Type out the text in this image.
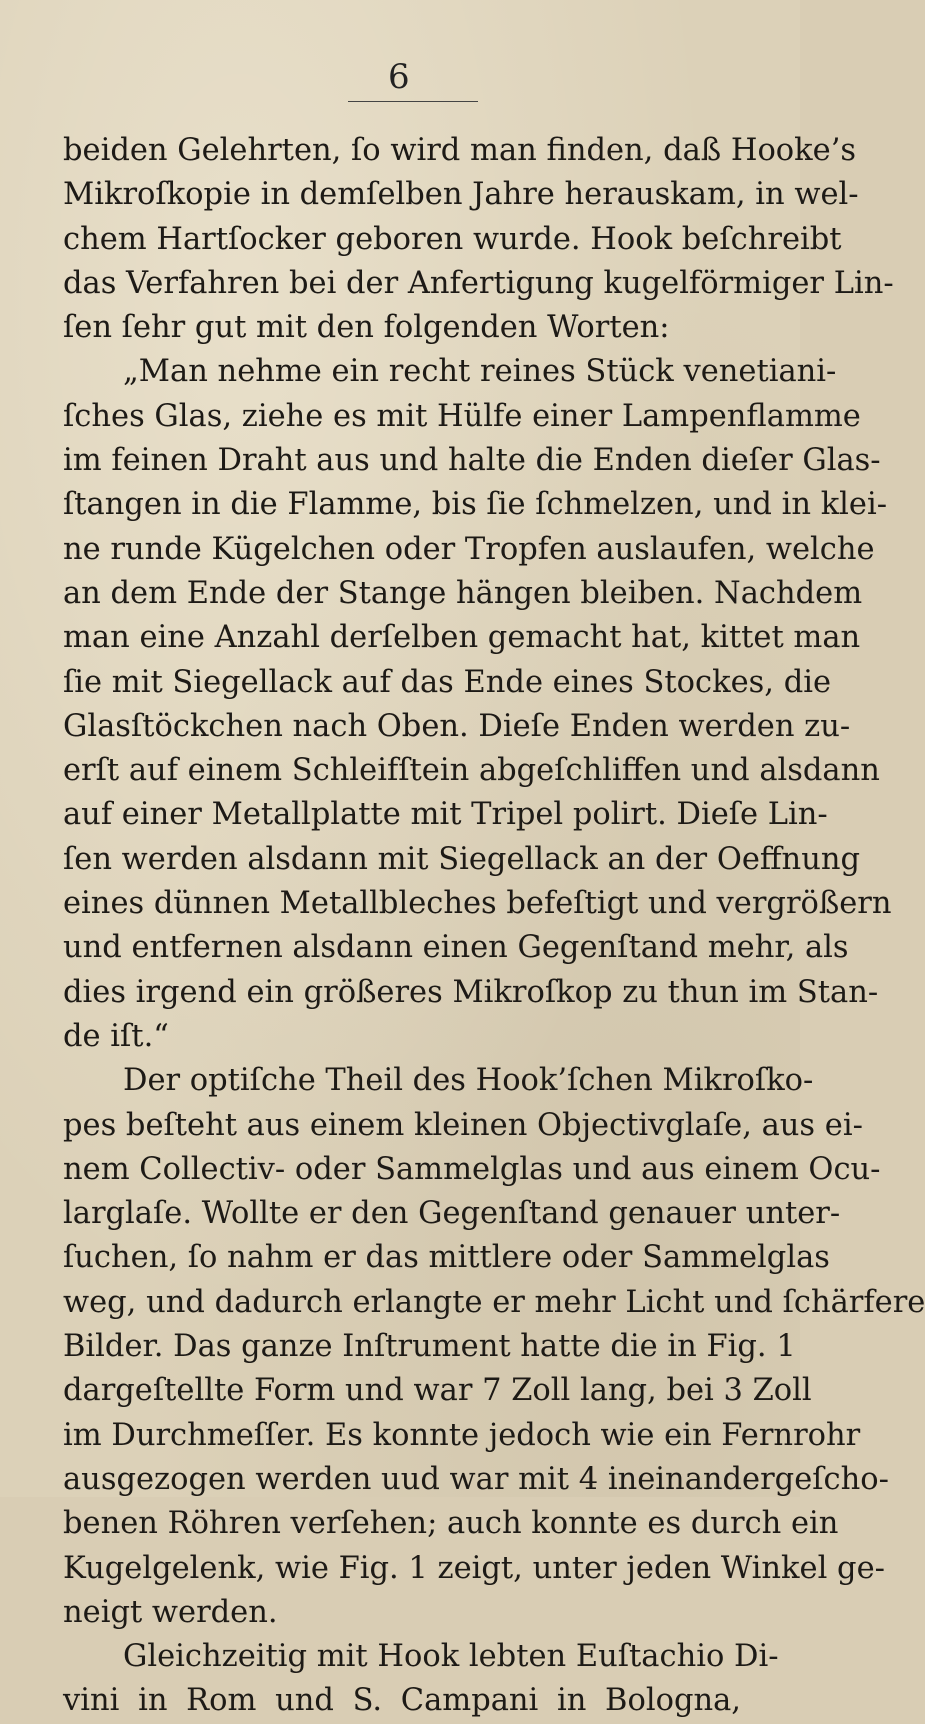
6
beiden Gelehrten, ſo wird man finden, daß Hooke’s
Mikroſkopie in demſelben Jahre herauskam, in wel-
chem Hartſocker geboren wurde. Hook beſchreibt
das Verfahren bei der Anfertigung kugelförmiger Lin-
ſen ſehr gut mit den folgenden Worten:
„Man nehme ein recht reines Stück venetiani-
ſches Glas, ziehe es mit Hülfe einer Lampenflamme
im feinen Draht aus und halte die Enden dieſer Glas-
ſtangen in die Flamme, bis ſie ſchmelzen, und in klei-
ne runde Kügelchen oder Tropfen auslaufen, welche
an dem Ende der Stange hängen bleiben. Nachdem
man eine Anzahl derſelben gemacht hat, kittet man
ſie mit Siegellack auf das Ende eines Stockes, die
Glasſtöckchen nach Oben. Dieſe Enden werden zu-
erſt auf einem Schleifſtein abgeſchliffen und alsdann
auf einer Metallplatte mit Tripel polirt. Dieſe Lin-
ſen werden alsdann mit Siegellack an der Oeffnung
eines dünnen Metallbleches befeſtigt und vergrößern
und entfernen alsdann einen Gegenſtand mehr, als
dies irgend ein größeres Mikroſkop zu thun im Stan-
de iſt.“
Der optiſche Theil des Hook’ſchen Mikroſko-
pes beſteht aus einem kleinen Objectivglaſe, aus ei-
nem Collectiv- oder Sammelglas und aus einem Ocu-
larglaſe. Wollte er den Gegenſtand genauer unter-
ſuchen, ſo nahm er das mittlere oder Sammelglas
weg, und dadurch erlangte er mehr Licht und ſchärfere
Bilder. Das ganze Inſtrument hatte die in Fig. 1
dargeſtellte Form und war 7 Zoll lang, bei 3 Zoll
im Durchmeſſer. Es konnte jedoch wie ein Fernrohr
ausgezogen werden uud war mit 4 ineinandergeſcho-
benen Röhren verſehen; auch konnte es durch ein
Kugelgelenk, wie Fig. 1 zeigt, unter jeden Winkel ge-
neigt werden.
Gleichzeitig mit Hook lebten Euſtachio Di-
vini in Rom und S. Campani in Bologna,
